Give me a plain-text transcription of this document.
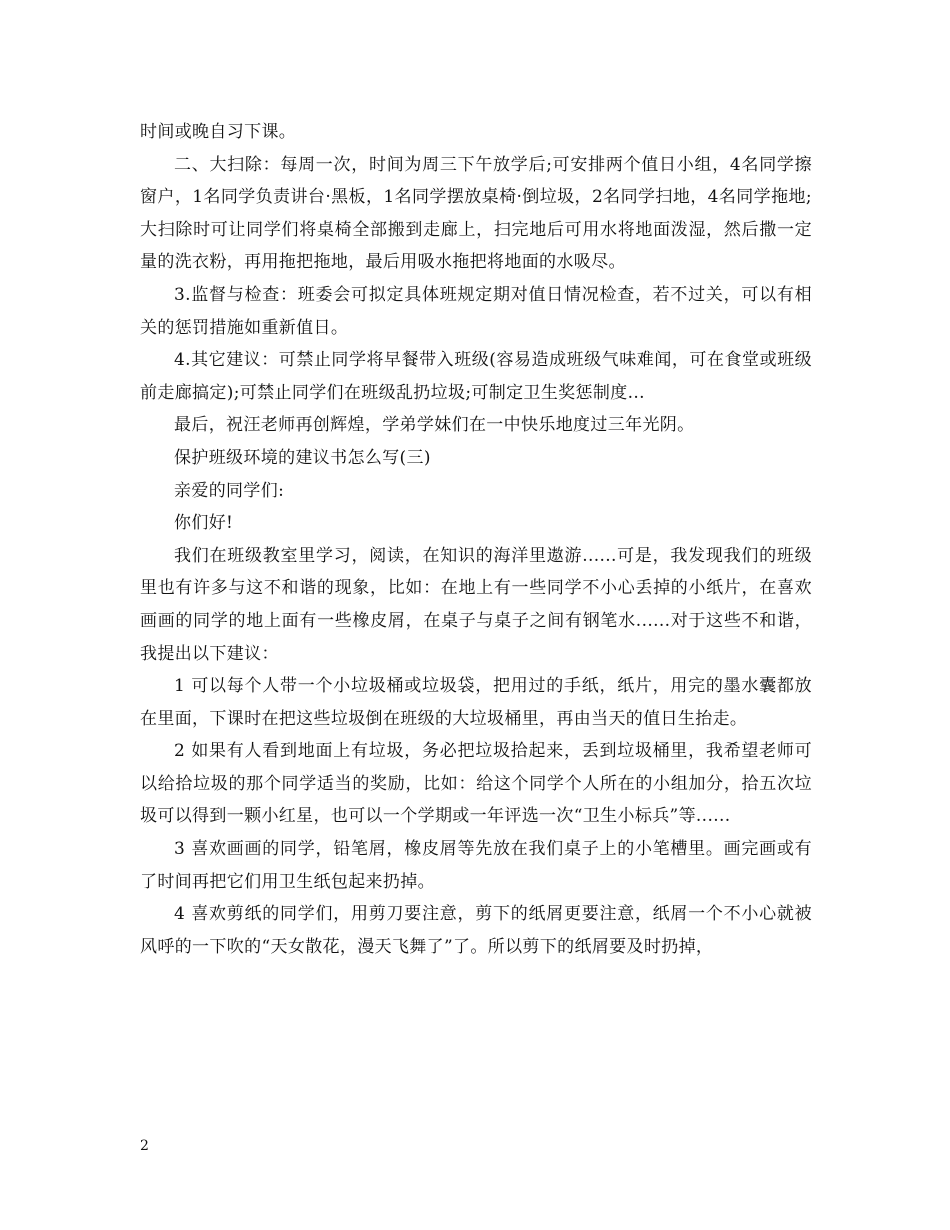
时间或晚自习下课。

二、大扫除：每周一次，时间为周三下午放学后;可安排两个值日小组，4名同学擦窗户，1名同学负责讲台·黑板，1名同学摆放桌椅·倒垃圾，2名同学扫地，4名同学拖地;大扫除时可让同学们将桌椅全部搬到走廊上，扫完地后可用水将地面泼湿，然后撒一定量的洗衣粉，再用拖把拖地，最后用吸水拖把将地面的水吸尽。

3.监督与检查：班委会可拟定具体班规定期对值日情况检查，若不过关，可以有相关的惩罚措施如重新值日。

4.其它建议：可禁止同学将早餐带入班级(容易造成班级气味难闻，可在食堂或班级前走廊搞定);可禁止同学们在班级乱扔垃圾;可制定卫生奖惩制度...

最后，祝汪老师再创辉煌，学弟学妹们在一中快乐地度过三年光阴。

保护班级环境的建议书怎么写(三)

亲爱的同学们:

你们好!

我们在班级教室里学习，阅读，在知识的海洋里遨游......可是，我发现我们的班级里也有许多与这不和谐的现象，比如：在地上有一些同学不小心丢掉的小纸片，在喜欢画画的同学的地上面有一些橡皮屑，在桌子与桌子之间有钢笔水......对于这些不和谐，我提出以下建议：

1 可以每个人带一个小垃圾桶或垃圾袋，把用过的手纸，纸片，用完的墨水囊都放在里面，下课时在把这些垃圾倒在班级的大垃圾桶里，再由当天的值日生抬走。

2 如果有人看到地面上有垃圾，务必把垃圾拾起来，丢到垃圾桶里，我希望老师可以给拾垃圾的那个同学适当的奖励，比如：给这个同学个人所在的小组加分，拾五次垃圾可以得到一颗小红星，也可以一个学期或一年评选一次“卫生小标兵”等......

3 喜欢画画的同学，铅笔屑，橡皮屑等先放在我们桌子上的小笔槽里。画完画或有了时间再把它们用卫生纸包起来扔掉。

4 喜欢剪纸的同学们，用剪刀要注意，剪下的纸屑更要注意，纸屑一个不小心就被风呼的一下吹的“天女散花，漫天飞舞了”了。所以剪下的纸屑要及时扔掉，

2
